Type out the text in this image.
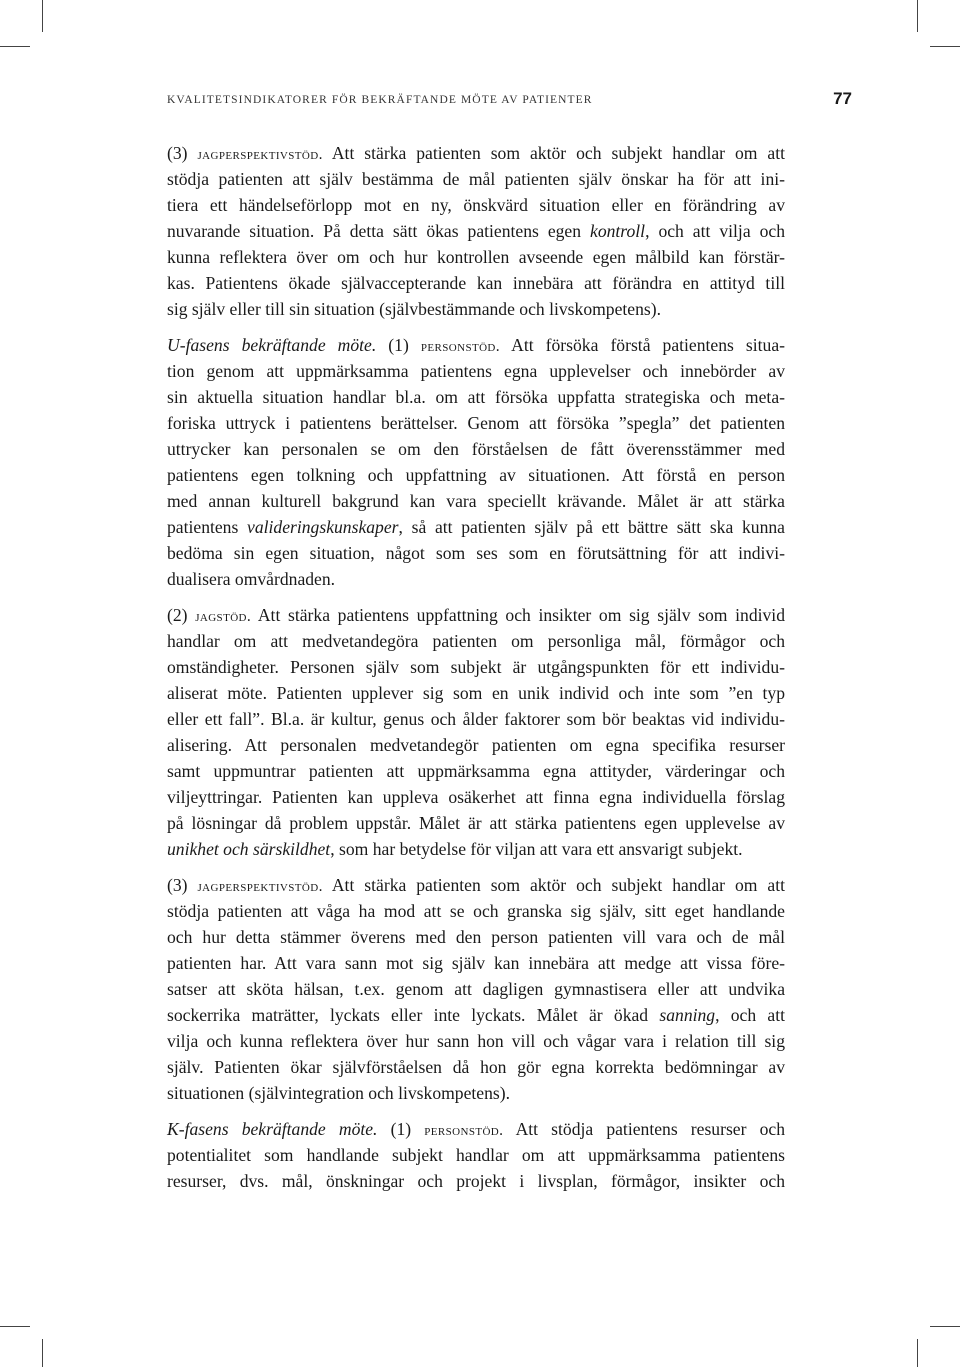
KVALITETSINDIKATORER FÖR BEKRÄFTANDE MÖTE AV PATIENTER	77
(3) jagperspektivstöd. Att stärka patienten som aktör och subjekt handlar om att
stödja patienten att själv bestämma de mål patienten själv önskar ha för att ini-
tiera ett händelseförlopp mot en ny, önskvärd situation eller en förändring av
nuvarande situation. På detta sätt ökas patientens egen kontroll, och att vilja och
kunna reflektera över om och hur kontrollen avseende egen målbild kan förstär-
kas. Patientens ökade självaccepterande kan innebära att förändra en attityd till
sig själv eller till sin situation (självbestämmande och livskompetens).
U-fasens bekräftande möte. (1) personstöd. Att försöka förstå patientens situa-
tion genom att uppmärksamma patientens egna upplevelser och innebörder av
sin aktuella situation handlar bl.a. om att försöka uppfatta strategiska och meta-
foriska uttryck i patientens berättelser. Genom att försöka ”spegla” det patienten
uttrycker kan personalen se om den förståelsen de fått överensstämmer med
patientens egen tolkning och uppfattning av situationen. Att förstå en person
med annan kulturell bakgrund kan vara speciellt krävande. Målet är att stärka
patientens valideringskunskaper, så att patienten själv på ett bättre sätt ska kunna
bedöma sin egen situation, något som ses som en förutsättning för att indivi-
dualisera omvårdnaden.
(2) jagstöd. Att stärka patientens uppfattning och insikter om sig själv som individ
handlar om att medvetandegöra patienten om personliga mål, förmågor och
omständigheter. Personen själv som subjekt är utgångspunkten för ett individu-
aliserat möte. Patienten upplever sig som en unik individ och inte som ”en typ
eller ett fall”. Bl.a. är kultur, genus och ålder faktorer som bör beaktas vid individu-
alisering. Att personalen medvetandegör patienten om egna specifika resurser
samt uppmuntrar patienten att uppmärksamma egna attityder, värderingar och
viljeyttringar. Patienten kan uppleva osäkerhet att finna egna individuella förslag
på lösningar då problem uppstår. Målet är att stärka patientens egen upplevelse av
unikhet och särskildhet, som har betydelse för viljan att vara ett ansvarigt subjekt.
(3) jagperspektivstöd. Att stärka patienten som aktör och subjekt handlar om att
stödja patienten att våga ha mod att se och granska sig själv, sitt eget handlande
och hur detta stämmer överens med den person patienten vill vara och de mål
patienten har. Att vara sann mot sig själv kan innebära att medge att vissa före-
satser att sköta hälsan, t.ex. genom att dagligen gymnastisera eller att undvika
sockerrika maträtter, lyckats eller inte lyckats. Målet är ökad sanning, och att
vilja och kunna reflektera över hur sann hon vill och vågar vara i relation till sig
själv. Patienten ökar självförståelsen då hon gör egna korrekta bedömningar av
situationen (självintegration och livskompetens).
K-fasens bekräftande möte. (1) personstöd. Att stödja patientens resurser och
potentialitet som handlande subjekt handlar om att uppmärksamma patientens
resurser, dvs. mål, önskningar och projekt i livsplan, förmågor, insikter och
